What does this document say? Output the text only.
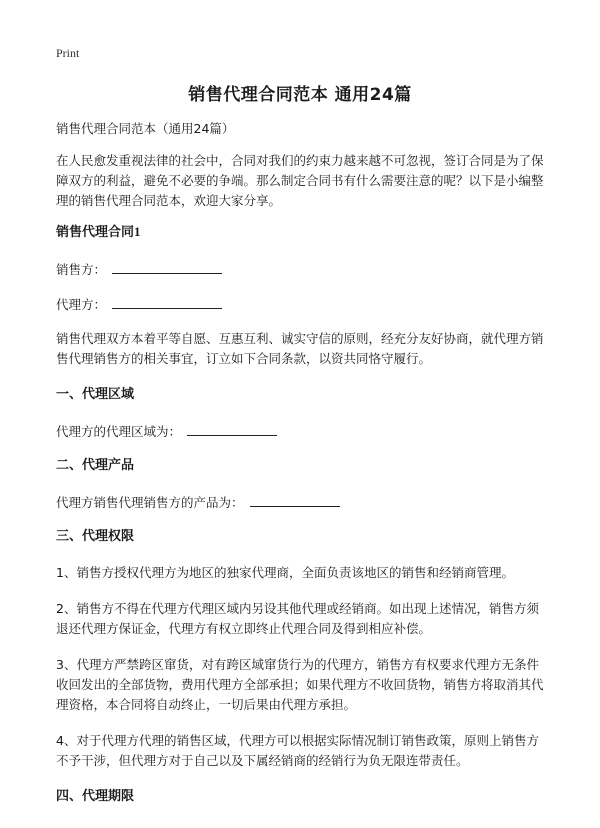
Print
销售代理合同范本 通用24篇

销售代理合同范本（通用24篇）

在人民愈发重视法律的社会中，合同对我们的约束力越来越不可忽视，签订合同是为了保障双方的利益，避免不必要的争端。那么制定合同书有什么需要注意的呢？以下是小编整理的销售代理合同范本，欢迎大家分享。

销售代理合同1

销售方：

代理方：

销售代理双方本着平等自愿、互惠互利、诚实守信的原则，经充分友好协商，就代理方销售代理销售方的相关事宜，订立如下合同条款，以资共同恪守履行。

一、代理区域

代理方的代理区域为：

二、代理产品

代理方销售代理销售方的产品为：

三、代理权限

1、销售方授权代理方为地区的独家代理商，全面负责该地区的销售和经销商管理。

2、销售方不得在代理方代理区域内另设其他代理或经销商。如出现上述情况，销售方须退还代理方保证金，代理方有权立即终止代理合同及得到相应补偿。

3、代理方严禁跨区窜货，对有跨区域窜货行为的代理方，销售方有权要求代理方无条件收回发出的全部货物，费用代理方全部承担；如果代理方不收回货物，销售方将取消其代理资格，本合同将自动终止，一切后果由代理方承担。

4、对于代理方代理的销售区域，代理方可以根据实际情况制订销售政策，原则上销售方不予干涉，但代理方对于自己以及下属经销商的经销行为负无限连带责任。

四、代理期限
